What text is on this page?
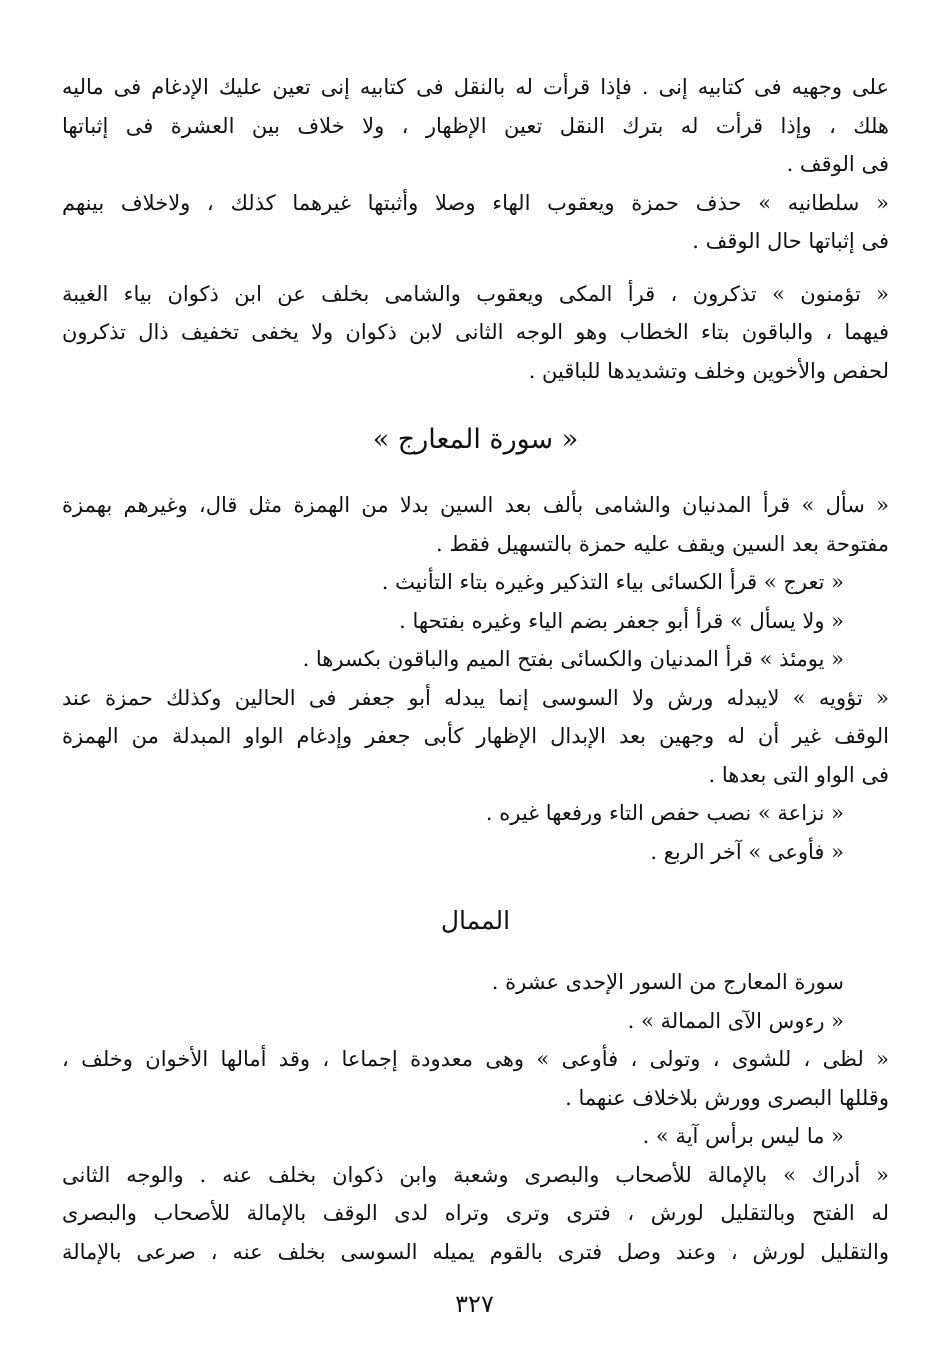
على وجهيه فى كتابيه إنى . فإذا قرأت له بالنقل فى كتابيه إنى تعين عليك الإدغام فى ماليه
هلك ، وإذا قرأت له بترك النقل تعين الإظهار ، ولا خلاف بين العشرة فى إثباتها
فى الوقف .
« سلطانيه » حذف حمزة ويعقوب الهاء وصلا وأثبتها غيرهما كذلك ، ولاخلاف بينهم
فى إثباتها حال الوقف .
« تؤمنون » تذكرون ، قرأ المكى ويعقوب والشامى بخلف عن ابن ذكوان بياء الغيبة
فيهما ، والباقون بتاء الخطاب وهو الوجه الثانى لابن ذكوان ولا يخفى تخفيف ذال تذكرون
لحفص والأخوين وخلف وتشديدها للباقين .
« سورة المعارج »
« سأل » قرأ المدنيان والشامى بألف بعد السين بدلا من الهمزة مثل قال، وغيرهم بهمزة
مفتوحة بعد السين ويقف عليه حمزة بالتسهيل فقط .
« تعرج » قرأ الكسائى بياء التذكير وغيره بتاء التأنيث .
« ولا يسأل » قرأ أبو جعفر بضم الياء وغيره بفتحها .
« يومئذ » قرأ المدنيان والكسائى بفتح الميم والباقون بكسرها .
« تؤويه » لايبدله ورش ولا السوسى إنما يبدله أبو جعفر فى الحالين وكذلك حمزة عند
الوقف غير أن له وجهين بعد الإبدال الإظهار كأبى جعفر وإدغام الواو المبدلة من الهمزة
فى الواو التى بعدها .
« نزاعة » نصب حفص التاء ورفعها غيره .
« فأوعى » آخر الربع .
الممال
سورة المعارج من السور الإحدى عشرة .
« رءوس الآى الممالة » .
« لظى ، للشوى ، وتولى ، فأوعى » وهى معدودة إجماعا ، وقد أمالها الأخوان وخلف ،
وقللها البصرى وورش بلاخلاف عنهما .
« ما ليس برأس آية » .
« أدراك » بالإمالة للأصحاب والبصرى وشعبة وابن ذكوان بخلف عنه . والوجه الثانى
له الفتح وبالتقليل لورش ، فترى وترى وتراه لدى الوقف بالإمالة للأصحاب والبصرى
والتقليل لورش ، وعند وصل فترى بالقوم يميله السوسى بخلف عنه ، صرعى بالإمالة
٣٢٧
